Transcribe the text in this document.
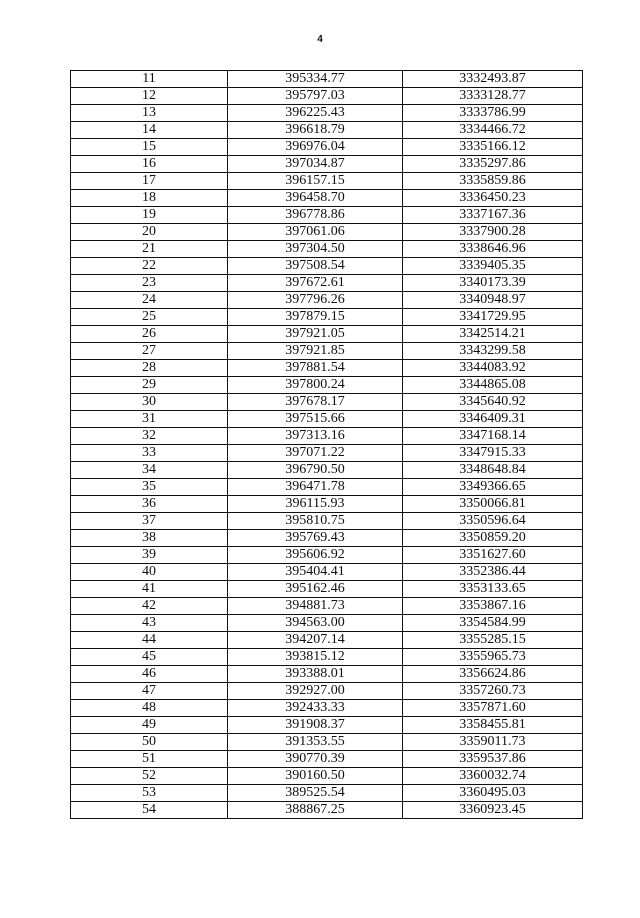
4
11	395334.77	3332493.87
12	395797.03	3333128.77
13	396225.43	3333786.99
14	396618.79	3334466.72
15	396976.04	3335166.12
16	397034.87	3335297.86
17	396157.15	3335859.86
18	396458.70	3336450.23
19	396778.86	3337167.36
20	397061.06	3337900.28
21	397304.50	3338646.96
22	397508.54	3339405.35
23	397672.61	3340173.39
24	397796.26	3340948.97
25	397879.15	3341729.95
26	397921.05	3342514.21
27	397921.85	3343299.58
28	397881.54	3344083.92
29	397800.24	3344865.08
30	397678.17	3345640.92
31	397515.66	3346409.31
32	397313.16	3347168.14
33	397071.22	3347915.33
34	396790.50	3348648.84
35	396471.78	3349366.65
36	396115.93	3350066.81
37	395810.75	3350596.64
38	395769.43	3350859.20
39	395606.92	3351627.60
40	395404.41	3352386.44
41	395162.46	3353133.65
42	394881.73	3353867.16
43	394563.00	3354584.99
44	394207.14	3355285.15
45	393815.12	3355965.73
46	393388.01	3356624.86
47	392927.00	3357260.73
48	392433.33	3357871.60
49	391908.37	3358455.81
50	391353.55	3359011.73
51	390770.39	3359537.86
52	390160.50	3360032.74
53	389525.54	3360495.03
54	388867.25	3360923.45
